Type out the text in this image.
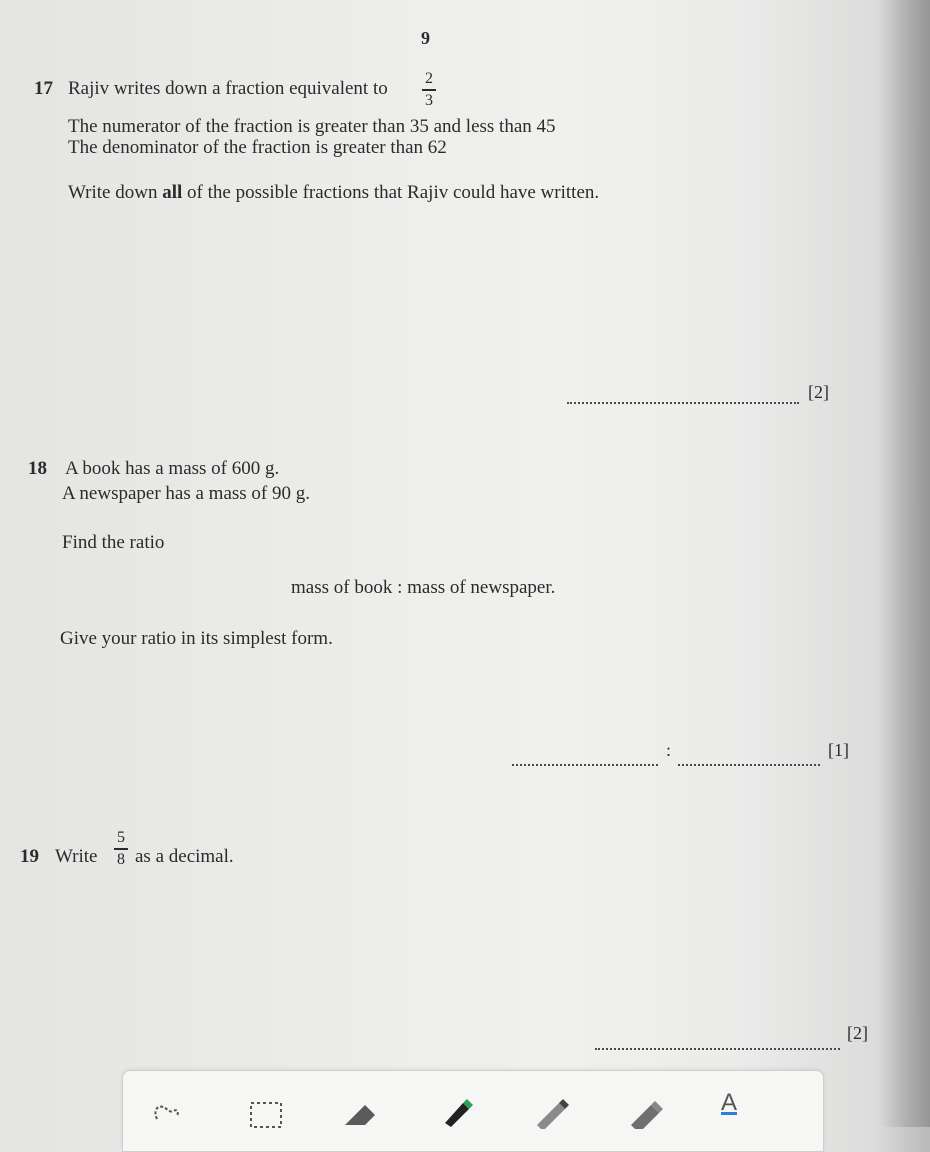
9
17 Rajiv writes down a fraction equivalent to 2
3
The numerator of the fraction is greater than 35 and less than 45
The denominator of the fraction is greater than 62
Write down all of the possible fractions that Rajiv could have written.
[2]
18 A book has a mass of 600 g.
A newspaper has a mass of 90 g.
Find the ratio
mass of book : mass of newspaper.
Give your ratio in its simplest form.
:	[1]
19 Write
5
8 as a decimal.
[2]
A
